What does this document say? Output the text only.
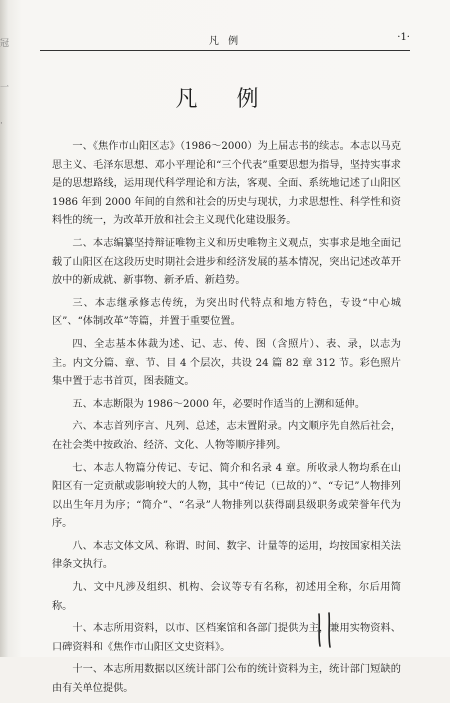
冠
一
·
凡 例	·1·
凡 例

一、《焦作市山阳区志》（1986～2000）为上届志书的续志。本志以马克思主义、毛泽东思想、邓小平理论和“三个代表”重要思想为指导，坚持实事求是的思想路线，运用现代科学理论和方法，客观、全面、系统地记述了山阳区 1986 年到 2000 年间的自然和社会的历史与现状，力求思想性、科学性和资料性的统一，为改革开放和社会主义现代化建设服务。

二、本志编纂坚持辩证唯物主义和历史唯物主义观点，实事求是地全面记载了山阳区在这段历史时期社会进步和经济发展的基本情况，突出记述改革开放中的新成就、新事物、新矛盾、新趋势。

三、本志继承修志传统，为突出时代特点和地方特色，专设“中心城区”、“体制改革”等篇，并置于重要位置。

四、全志基本体裁为述、记、志、传、图（含照片）、表、录，以志为主。内文分篇、章、节、目 4 个层次，共设 24 篇 82 章 312 节。彩色照片集中置于志书首页，图表随文。

五、本志断限为 1986～2000 年，必要时作适当的上溯和延伸。

六、本志首列序言、凡列、总述，志末置附录。内文顺序先自然后社会，在社会类中按政治、经济、文化、人物等顺序排列。

七、本志人物篇分传记、专记、简介和名录 4 章。所收录人物均系在山阳区有一定贡献或影响较大的人物，其中“传记（已故的）”、“专记”人物排列以出生年月为序；“简介”、“名录”人物排列以获得副县级职务或荣誉年代为序。

八、本志文体文风、称谓、时间、数字、计量等的运用，均按国家相关法律条文执行。

九、文中凡涉及组织、机构、会议等专有名称，初述用全称，尔后用简称。

十、本志所用资料，以市、区档案馆和各部门提供为主，兼用实物资料、口碑资料和《焦作市山阳区文史资料》。

十一、本志所用数据以区统计部门公布的统计资料为主，统计部门短缺的由有关单位提供。
